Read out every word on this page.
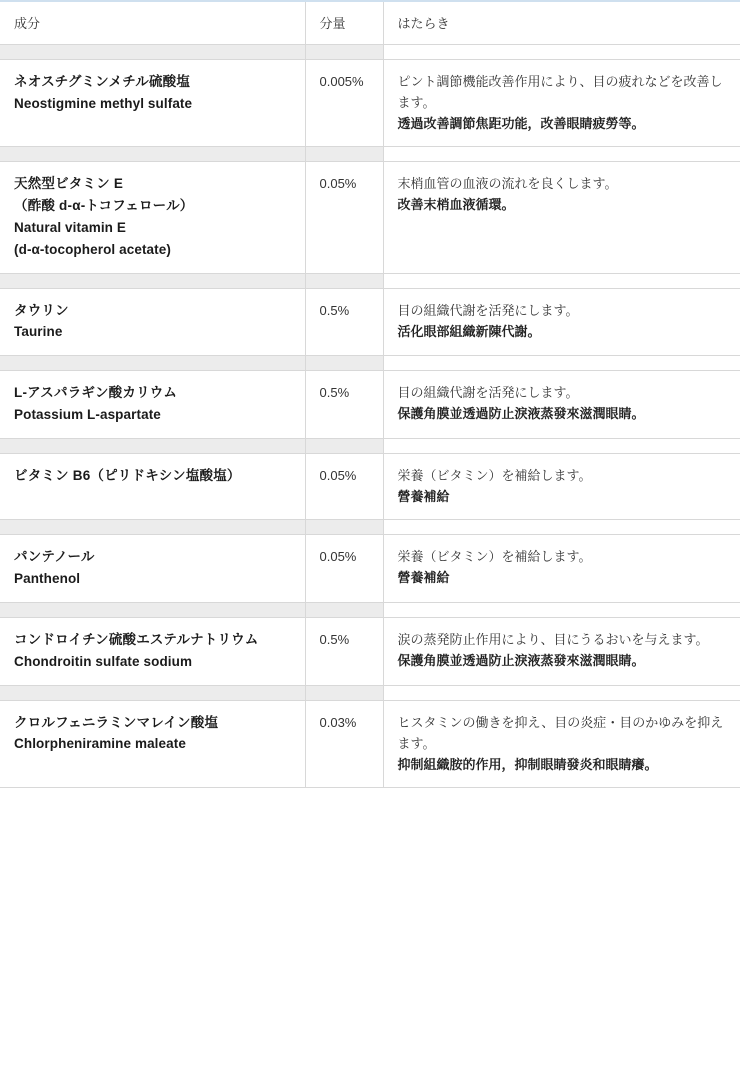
成分	分量	はたらき

ネオスチグミンメチル硫酸塩
Neostigmine methyl sulfate	0.005%	ピント調節機能改善作用により、目の疲れなどを改善します。
透過改善調節焦距功能，改善眼睛疲勞等。

天然型ビタミン E
（酢酸 d-α-トコフェロール）
Natural vitamin E
(d-α-tocopherol acetate)	0.05%	末梢血管の血液の流れを良くします。
改善末梢血液循環。

タウリン
Taurine	0.5%	目の組織代謝を活発にします。
活化眼部組織新陳代謝。

L-アスパラギン酸カリウム
Potassium L-aspartate	0.5%	目の組織代謝を活発にします。
保護角膜並透過防止淚液蒸發來滋潤眼睛。

ビタミン B6（ピリドキシン塩酸塩）	0.05%	栄養（ビタミン）を補給します。
營養補給

パンテノール
Panthenol	0.05%	栄養（ビタミン）を補給します。
營養補給

コンドロイチン硫酸エステルナトリウム
Chondroitin sulfate sodium	0.5%	涙の蒸発防止作用により、目にうるおいを与えます。
保護角膜並透過防止淚液蒸發來滋潤眼睛。

クロルフェニラミンマレイン酸塩
Chlorpheniramine maleate	0.03%	ヒスタミンの働きを抑え、目の炎症・目のかゆみを抑えます。
抑制組織胺的作用，抑制眼睛發炎和眼睛癢。
